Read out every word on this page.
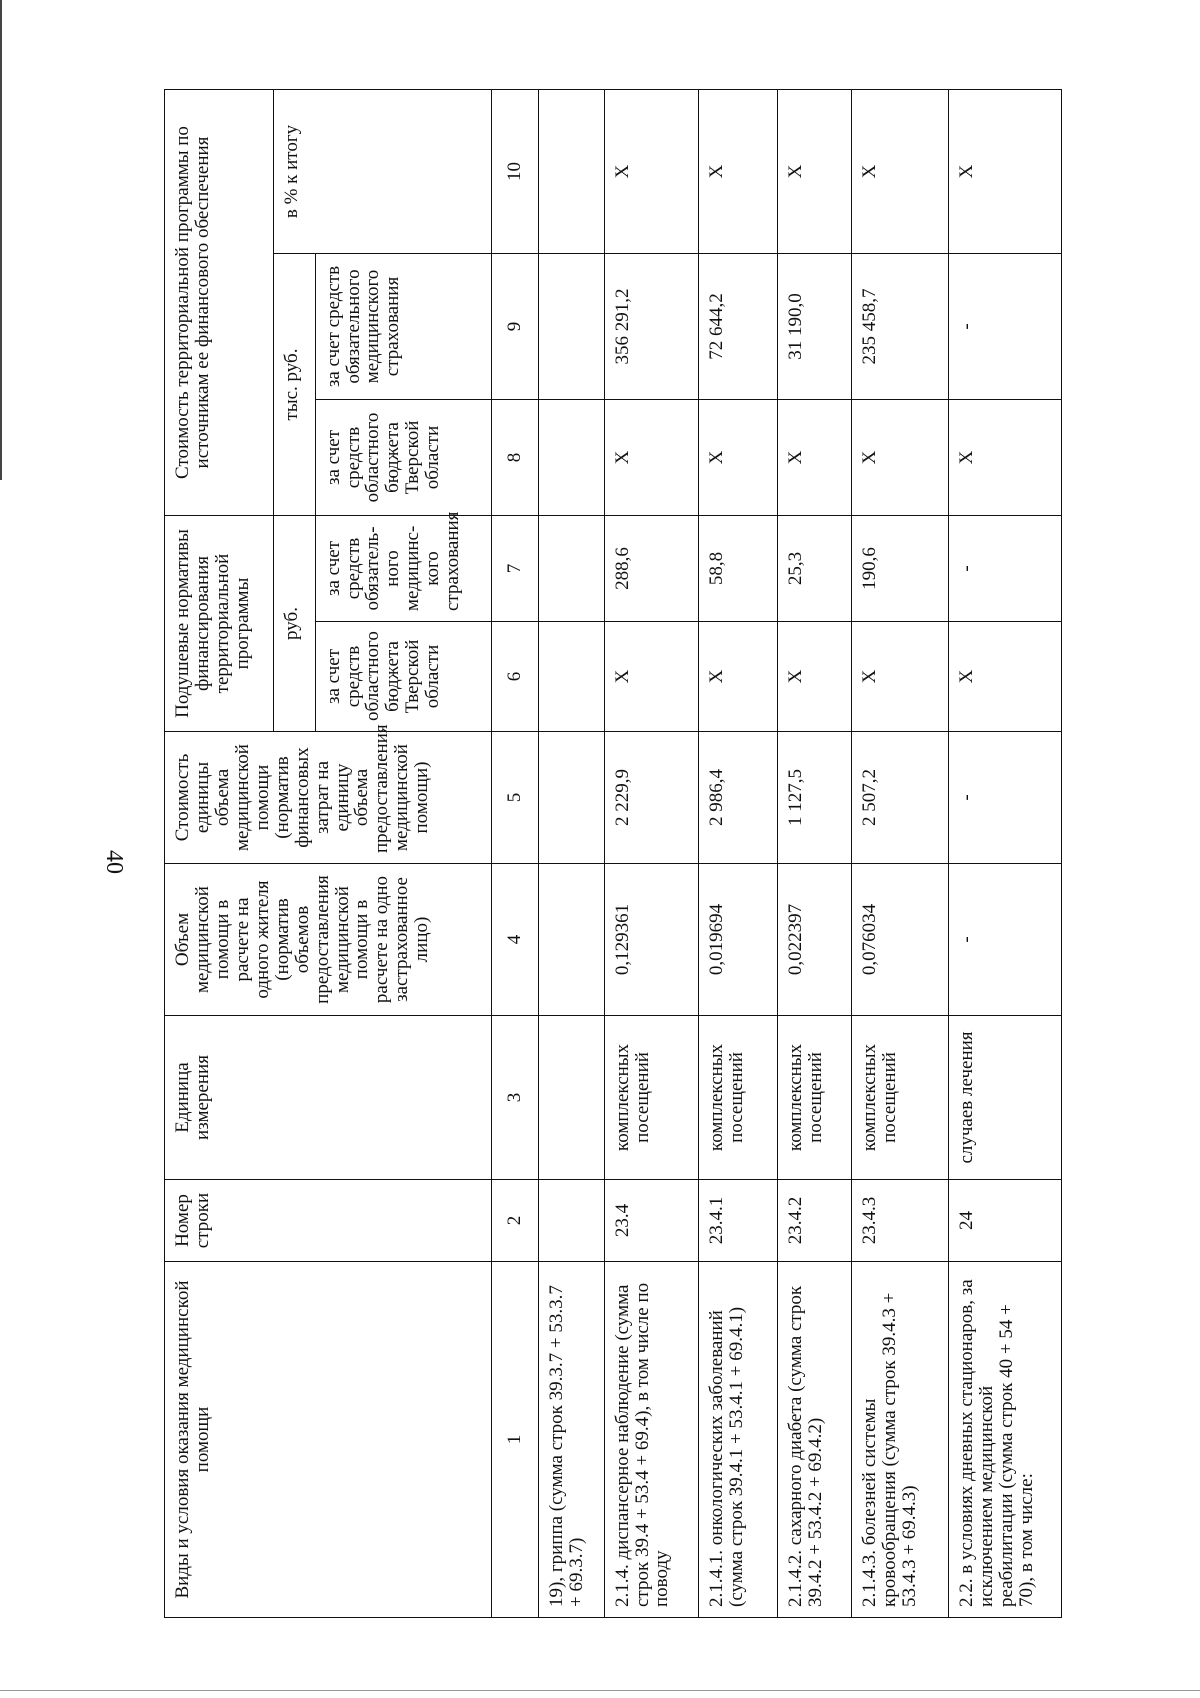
40
Виды и условия оказания медицинской помощи	Номер строки	Единица измерения	Объем медицинской помощи в расчете на одного жителя (норматив объемов предоставления медицинской помощи в расчете на одно застрахованное лицо)	Стоимость единицы объема медицинской помощи (норматив финансовых затрат на единицу объема предоставления медицинской помощи)	Подушевые нормативы финансирования территориальной программы		Стоимость территориальной программы по источникам ее финансового обеспечения		
					руб.		тыс. руб.		в % к итогу
					за счет средств областного бюджета Тверской области	за счет средств обязатель-ного медицинс-кого страхования	за счет средств областного бюджета Тверской области	за счет средств обязательного медицинского страхования	
1	2	3	4	5	6	7	8	9	10
19), гриппа (сумма строк 39.3.7 + 53.3.7 + 69.3.7)									
2.1.4. диспансерное наблюдение (сумма строк 39.4 + 53.4 + 69.4), в том числе по поводу	23.4	комплексных посещений	0,129361	2 229,9	Х	288,6	Х	356 291,2	Х
2.1.4.1. онкологических заболеваний (сумма строк 39.4.1 + 53.4.1 + 69.4.1)	23.4.1	комплексных посещений	0,019694	2 986,4	Х	58,8	Х	72 644,2	Х
2.1.4.2. сахарного диабета (сумма строк 39.4.2 + 53.4.2 + 69.4.2)	23.4.2	комплексных посещений	0,022397	1 127,5	Х	25,3	Х	31 190,0	Х
2.1.4.3. болезней системы кровообращения (сумма строк 39.4.3 + 53.4.3 + 69.4.3)	23.4.3	комплексных посещений	0,076034	2 507,2	Х	190,6	Х	235 458,7	Х
2.2. в условиях дневных стационаров, за исключением медицинской реабилитации (сумма строк 40 + 54 + 70), в том числе:	24	случаев лечения	-	-	Х	-	Х	-	Х
